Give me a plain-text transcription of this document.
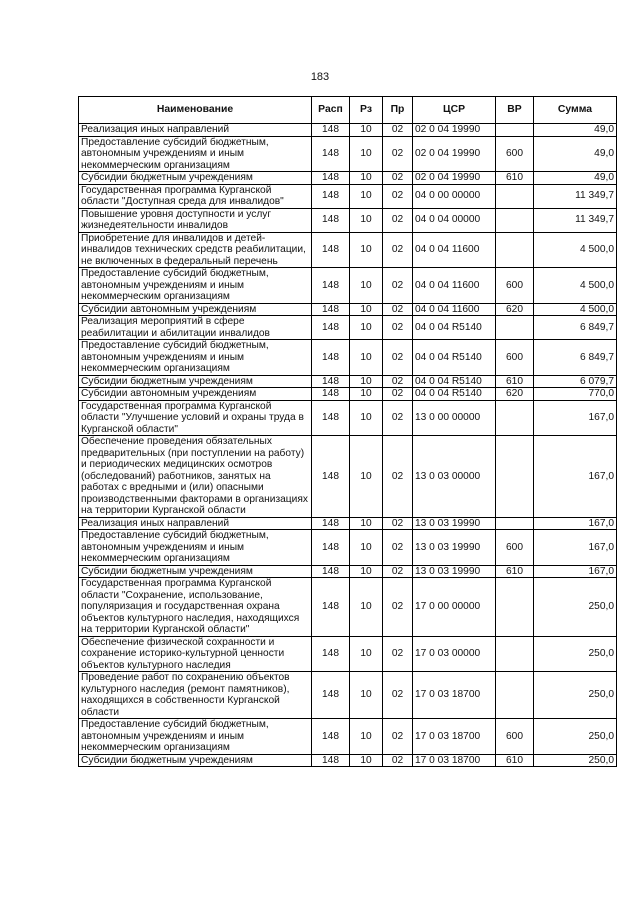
183
Наименование	Расп	Рз	Пр	ЦСР	ВР	Сумма
Реализация иных направлений	148	10	02	02 0 04 19990		49,0
Предоставление субсидий бюджетным, автономным учреждениям и иным некоммерческим организациям	148	10	02	02 0 04 19990	600	49,0
Субсидии бюджетным учреждениям	148	10	02	02 0 04 19990	610	49,0
Государственная программа Курганской области "Доступная среда для инвалидов"	148	10	02	04 0 00 00000		11 349,7
Повышение уровня доступности и услуг жизнедеятельности инвалидов	148	10	02	04 0 04 00000		11 349,7
Приобретение для инвалидов и детей-инвалидов технических средств реабилитации, не включенных в федеральный перечень	148	10	02	04 0 04 11600		4 500,0
Предоставление субсидий бюджетным, автономным учреждениям и иным некоммерческим организациям	148	10	02	04 0 04 11600	600	4 500,0
Субсидии автономным учреждениям	148	10	02	04 0 04 11600	620	4 500,0
Реализация мероприятий в сфере реабилитации и абилитации инвалидов	148	10	02	04 0 04 R5140		6 849,7
Предоставление субсидий бюджетным, автономным учреждениям и иным некоммерческим организациям	148	10	02	04 0 04 R5140	600	6 849,7
Субсидии бюджетным учреждениям	148	10	02	04 0 04 R5140	610	6 079,7
Субсидии автономным учреждениям	148	10	02	04 0 04 R5140	620	770,0
Государственная программа Курганской области "Улучшение условий и охраны труда в Курганской области"	148	10	02	13 0 00 00000		167,0
Обеспечение проведения обязательных предварительных (при поступлении на работу) и периодических медицинских осмотров (обследований) работников, занятых на работах с вредными и (или) опасными производственными факторами в организациях на территории Курганской области	148	10	02	13 0 03 00000		167,0
Реализация иных направлений	148	10	02	13 0 03 19990		167,0
Предоставление субсидий бюджетным, автономным учреждениям и иным некоммерческим организациям	148	10	02	13 0 03 19990	600	167,0
Субсидии бюджетным учреждениям	148	10	02	13 0 03 19990	610	167,0
Государственная программа Курганской области "Сохранение, использование, популяризация и государственная охрана объектов культурного наследия, находящихся на территории Курганской области"	148	10	02	17 0 00 00000		250,0
Обеспечение физической сохранности и сохранение историко-культурной ценности объектов культурного наследия	148	10	02	17 0 03 00000		250,0
Проведение работ по сохранению объектов культурного наследия (ремонт памятников), находящихся в собственности Курганской области	148	10	02	17 0 03 18700		250,0
Предоставление субсидий бюджетным, автономным учреждениям и иным некоммерческим организациям	148	10	02	17 0 03 18700	600	250,0
Субсидии бюджетным учреждениям	148	10	02	17 0 03 18700	610	250,0
